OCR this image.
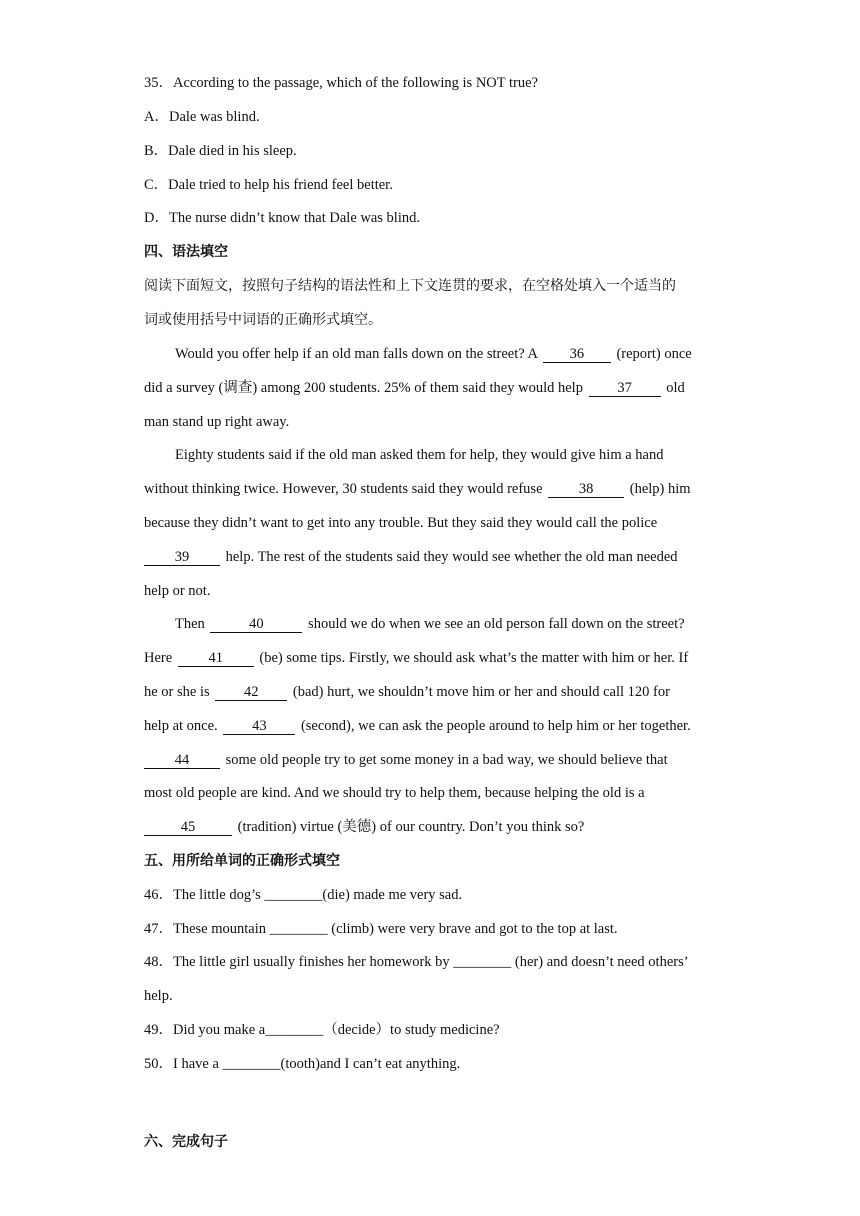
35．According to the passage, which of the following is NOT true?
A．Dale was blind.
B．Dale died in his sleep.
C．Dale tried to help his friend feel better.
D．The nurse didn’t know that Dale was blind.
四、语法填空
阅读下面短文，按照句子结构的语法性和上下文连贯的要求，在空格处填入一个适当的
词或使用括号中词语的正确形式填空。
Would you offer help if an old man falls down on the street? A 36 (report) once
did a survey (调查) among 200 students. 25% of them said they would help 37 old
man stand up right away.
Eighty students said if the old man asked them for help, they would give him a hand
without thinking twice. However, 30 students said they would refuse 38 (help) him
because they didn’t want to get into any trouble. But they said they would call the police
39 help. The rest of the students said they would see whether the old man needed
help or not.
Then	40	should we do when we see an old person fall down on the street?
Here 41 (be) some tips. Firstly, we should ask what’s the matter with him or her. If
he or she is 42 (bad) hurt, we shouldn’t move him or her and should call 120 for
help at once. 43 (second), we can ask the people around to help him or her together.
44 some old people try to get some money in a bad way, we should believe that
most old people are kind. And we should try to help them, because helping the old is a
45	(tradition) virtue (美德) of our country. Don’t you think so?
五、用所给单词的正确形式填空
46．The little dog’s ________(die) made me very sad.
47．These mountain ________ (climb) were very brave and got to the top at last.
48．The little girl usually finishes her homework by ________ (her) and doesn’t need others’
help.
49．Did you make a________（decide）to study medicine?
50．I have a ________(tooth)and I can’t eat anything.
六、完成句子
